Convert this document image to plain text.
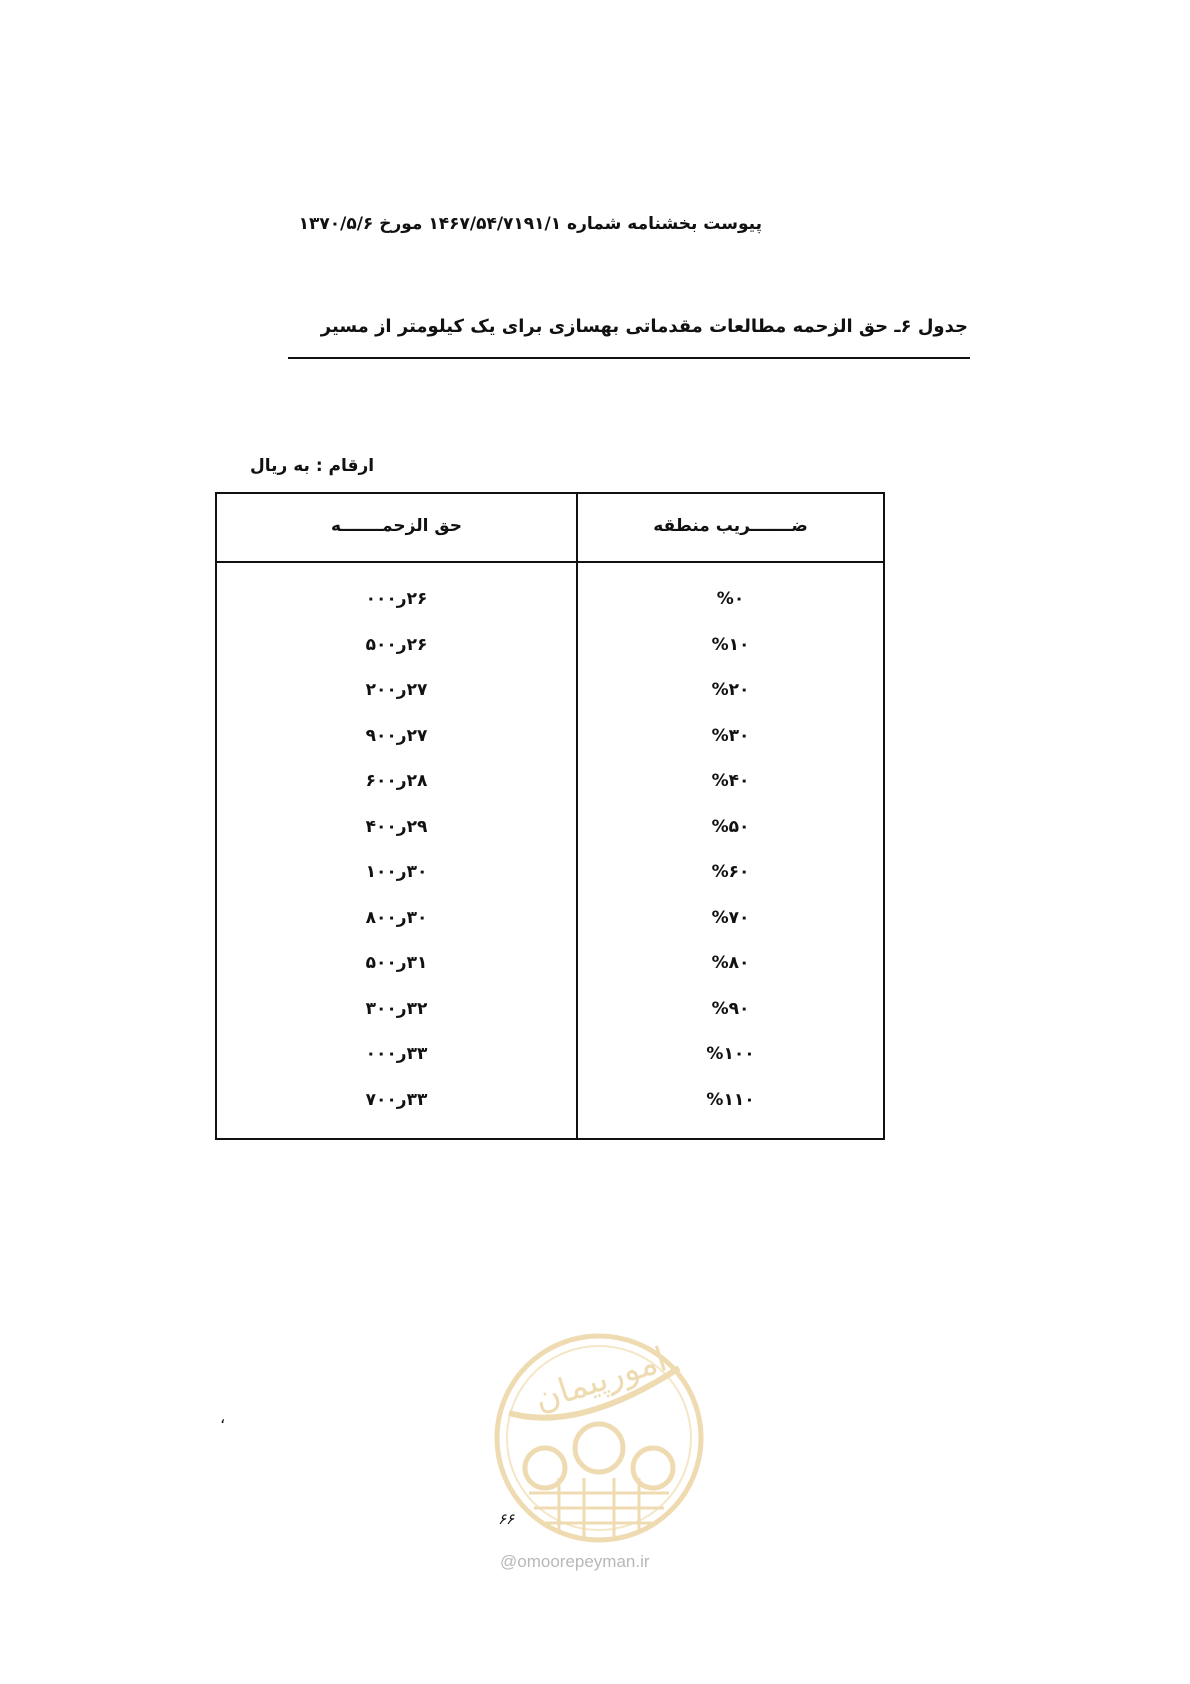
پیوست بخشنامه شماره ۱۴۶۷/۵۴/۷۱۹۱/۱ مورخ ۱۳۷۰/۵/۶
جدول ۶ـ حق الزحمه مطالعات مقدماتی بهسازی برای یک کیلومتر از مسیر
ارقام : به ریال
حق الزحمـــــــه	ضـــــــریب منطقه
۲۶ر۰۰۰	%۰
۲۶ر۵۰۰	%۱۰
۲۷ر۲۰۰	%۲۰
۲۷ر۹۰۰	%۳۰
۲۸ر۶۰۰	%۴۰
۲۹ر۴۰۰	%۵۰
۳۰ر۱۰۰	%۶۰
۳۰ر۸۰۰	%۷۰
۳۱ر۵۰۰	%۸۰
۳۲ر۳۰۰	%۹۰
۳۳ر۰۰۰	%۱۰۰
۳۳ر۷۰۰	%۱۱۰
،	امورپیمان
۶۶
@omoorepeyman.ir
